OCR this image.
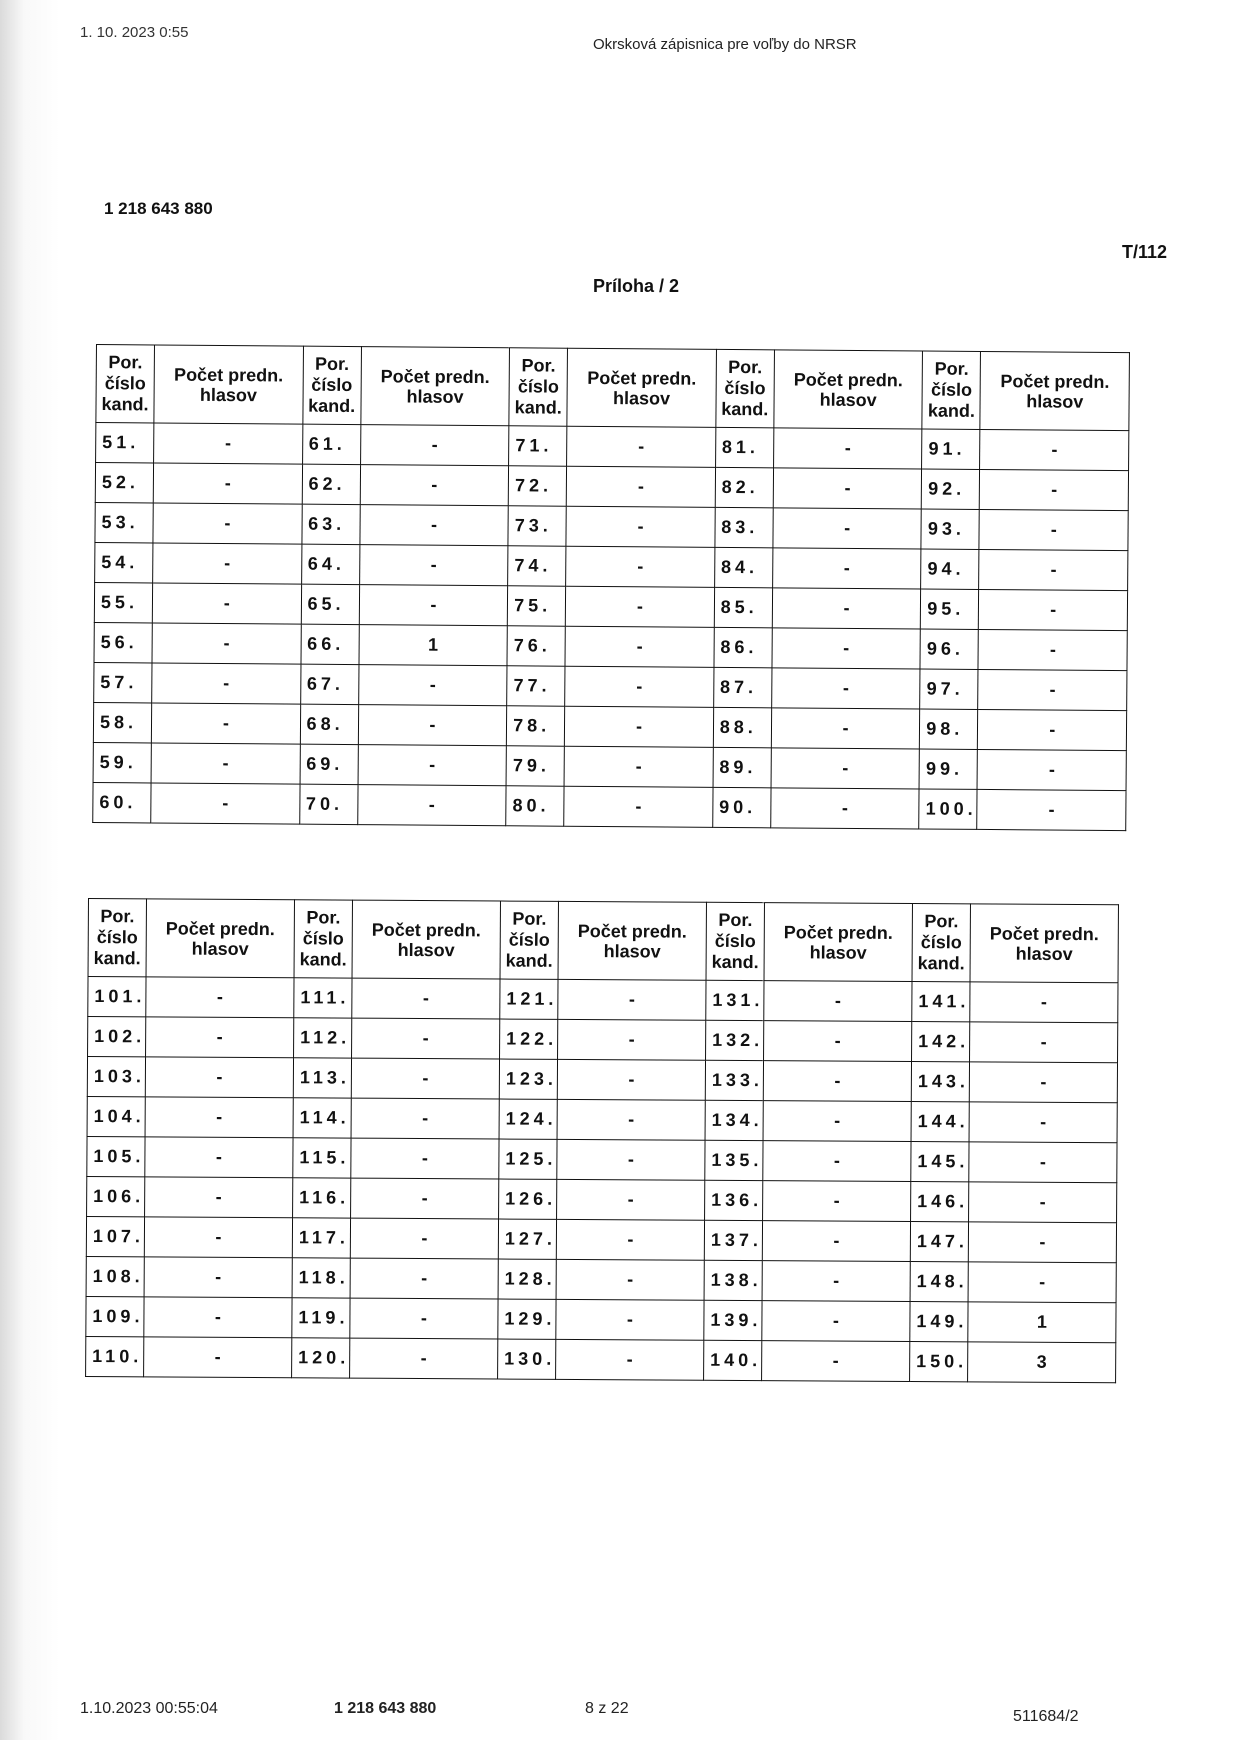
1. 10. 2023 0:55
Okrsková zápisnica pre voľby do NRSR
1 218 643 880
T/112
Príloha / 2
Por. číslo kand.	Počet predn. hlasov	Por. číslo kand.	Počet predn. hlasov	Por. číslo kand.	Počet predn. hlasov	Por. číslo kand.	Počet predn. hlasov	Por. číslo kand.	Počet predn. hlasov
51.	-	61.	-	71.	-	81.	-	91.	-
52.	-	62.	-	72.	-	82.	-	92.	-
53.	-	63.	-	73.	-	83.	-	93.	-
54.	-	64.	-	74.	-	84.	-	94.	-
55.	-	65.	-	75.	-	85.	-	95.	-
56.	-	66.	1	76.	-	86.	-	96.	-
57.	-	67.	-	77.	-	87.	-	97.	-
58.	-	68.	-	78.	-	88.	-	98.	-
59.	-	69.	-	79.	-	89.	-	99.	-
60.	-	70.	-	80.	-	90.	-	100.	-
Por. číslo kand.	Počet predn. hlasov	Por. číslo kand.	Počet predn. hlasov	Por. číslo kand.	Počet predn. hlasov	Por. číslo kand.	Počet predn. hlasov	Por. číslo kand.	Počet predn. hlasov
101.	-	111.	-	121.	-	131.	-	141.	-
102.	-	112.	-	122.	-	132.	-	142.	-
103.	-	113.	-	123.	-	133.	-	143.	-
104.	-	114.	-	124.	-	134.	-	144.	-
105.	-	115.	-	125.	-	135.	-	145.	-
106.	-	116.	-	126.	-	136.	-	146.	-
107.	-	117.	-	127.	-	137.	-	147.	-
108.	-	118.	-	128.	-	138.	-	148.	-
109.	-	119.	-	129.	-	139.	-	149.	1
110.	-	120.	-	130.	-	140.	-	150.	3
1.10.2023 00:55:04	1 218 643 880	8 z 22	511684/2
